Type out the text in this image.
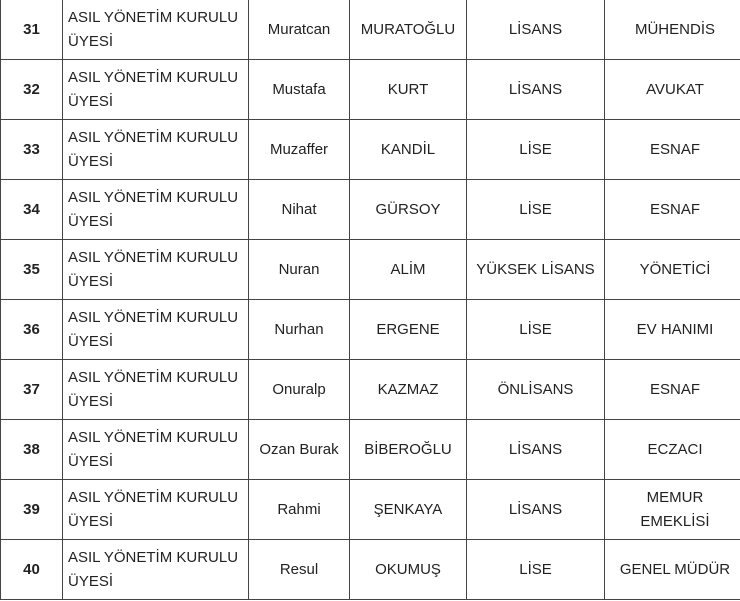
31	ASIL YÖNETİM KURULU ÜYESİ	Muratcan	MURATOĞLU	LİSANS	MÜHENDİS
32	ASIL YÖNETİM KURULU ÜYESİ	Mustafa	KURT	LİSANS	AVUKAT
33	ASIL YÖNETİM KURULU ÜYESİ	Muzaffer	KANDİL	LİSE	ESNAF
34	ASIL YÖNETİM KURULU ÜYESİ	Nihat	GÜRSOY	LİSE	ESNAF
35	ASIL YÖNETİM KURULU ÜYESİ	Nuran	ALİM	YÜKSEK LİSANS	YÖNETİCİ
36	ASIL YÖNETİM KURULU ÜYESİ	Nurhan	ERGENE	LİSE	EV HANIMI
37	ASIL YÖNETİM KURULU ÜYESİ	Onuralp	KAZMAZ	ÖNLİSANS	ESNAF
38	ASIL YÖNETİM KURULU ÜYESİ	Ozan Burak	BİBEROĞLU	LİSANS	ECZACI
39	ASIL YÖNETİM KURULU ÜYESİ	Rahmi	ŞENKAYA	LİSANS	MEMUR EMEKLİSİ

40	ASIL YÖNETİM KURULU ÜYESİ	Resul	OKUMUŞ	LİSE	GENEL MÜDÜR
